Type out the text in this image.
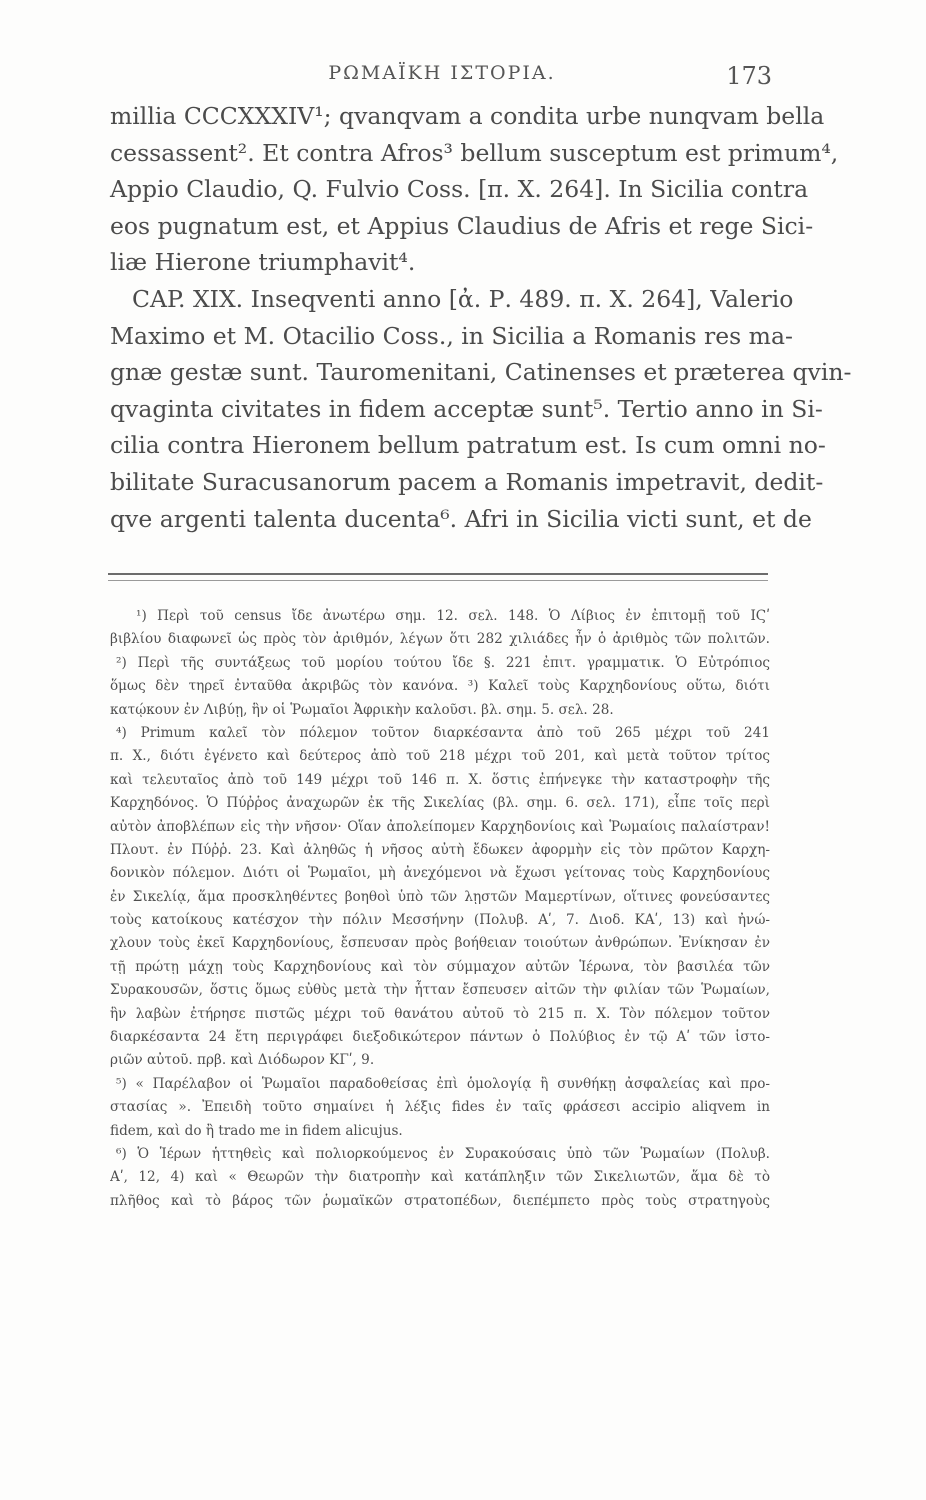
ΡΩΜΑΪΚΗ ΙΣΤΟΡΙΑ.	173
millia CCCXXXIV¹; qvanqvam a condita urbe nunqvam bella
cessassent². Et contra Afros³ bellum susceptum est primum⁴,
Appio Claudio, Q. Fulvio Coss. [π. Χ. 264]. In Sicilia contra
eos pugnatum est, et Appius Claudius de Afris et rege Sici-
liæ Hierone triumphavit⁴.
CAP. XIX. Inseqventi anno [ἀ. Ρ. 489. π. Χ. 264], Valerio
Maximo et M. Otacilio Coss., in Sicilia a Romanis res ma-
gnæ gestæ sunt. Tauromenitani, Catinenses et præterea qvin-
qvaginta civitates in fidem acceptæ sunt⁵. Tertio anno in Si-
cilia contra Hieronem bellum patratum est. Is cum omni no-
bilitate Suracusanorum pacem a Romanis impetravit, dedit-
qve argenti talenta ducenta⁶. Afri in Sicilia victi sunt, et de
¹) Περὶ τοῦ census ἴδε ἀνωτέρω σημ. 12. σελ. 148. Ὁ Λίβιος ἐν ἐπιτομῇ τοῦ ΙϚʹ
βιβλίου διαφωνεῖ ὡς πρὸς τὸν ἀριθμόν, λέγων ὅτι 282 χιλιάδες ἦν ὁ ἀριθμὸς τῶν πολιτῶν.
²) Περὶ τῆς συντάξεως τοῦ μορίου τούτου ἴδε §. 221 ἐπιτ. γραμματικ. Ὁ Εὐτρόπιος
ὅμως δὲν τηρεῖ ἐνταῦθα ἀκριβῶς τὸν κανόνα. ³) Καλεῖ τοὺς Καρχηδονίους οὕτω, διότι
κατῴκουν ἐν Λιβύῃ, ἣν οἱ Ῥωμαῖοι Ἀφρικὴν καλοῦσι. βλ. σημ. 5. σελ. 28.
⁴) Primum καλεῖ τὸν πόλεμον τοῦτον διαρκέσαντα ἀπὸ τοῦ 265 μέχρι τοῦ 241
π. Χ., διότι ἐγένετο καὶ δεύτερος ἀπὸ τοῦ 218 μέχρι τοῦ 201, καὶ μετὰ τοῦτον τρίτος
καὶ τελευταῖος ἀπὸ τοῦ 149 μέχρι τοῦ 146 π. Χ. ὅστις ἐπήνεγκε τὴν καταστροφὴν τῆς
Καρχηδόνος. Ὁ Πύῤῥος ἀναχωρῶν ἐκ τῆς Σικελίας (βλ. σημ. 6. σελ. 171), εἶπε τοῖς περὶ
αὐτὸν ἀποβλέπων εἰς τὴν νῆσον· Οἵαν ἀπολείπομεν Καρχηδονίοις καὶ Ῥωμαίοις παλαίστραν!
Πλουτ. ἐν Πύῤῥ. 23. Καὶ ἀληθῶς ἡ νῆσος αὐτὴ ἔδωκεν ἀφορμὴν εἰς τὸν πρῶτον Καρχη-
δονικὸν πόλεμον. Διότι οἱ Ῥωμαῖοι, μὴ ἀνεχόμενοι νὰ ἔχωσι γείτονας τοὺς Καρχηδονίους
ἐν Σικελίᾳ, ἅμα προσκληθέντες βοηθοὶ ὑπὸ τῶν λῃστῶν Μαμερτίνων, οἵτινες φονεύσαντες
τοὺς κατοίκους κατέσχον τὴν πόλιν Μεσσήνην (Πολυβ. Αʹ, 7. Διοδ. ΚΑʹ, 13) καὶ ἠνώ-
χλουν τοὺς ἐκεῖ Καρχηδονίους, ἔσπευσαν πρὸς βοήθειαν τοιούτων ἀνθρώπων. Ἐνίκησαν ἐν
τῇ πρώτῃ μάχῃ τοὺς Καρχηδονίους καὶ τὸν σύμμαχον αὐτῶν Ἱέρωνα, τὸν βασιλέα τῶν
Συρακουσῶν, ὅστις ὅμως εὐθὺς μετὰ τὴν ἧτταν ἔσπευσεν αἰτῶν τὴν φιλίαν τῶν Ῥωμαίων,
ἣν λαβὼν ἐτήρησε πιστῶς μέχρι τοῦ θανάτου αὐτοῦ τὸ 215 π. Χ. Τὸν πόλεμον τοῦτον
διαρκέσαντα 24 ἔτη περιγράφει διεξοδικώτερον πάντων ὁ Πολύβιος ἐν τῷ Αʹ τῶν ἱστο-
ριῶν αὐτοῦ. πρβ. καὶ Διόδωρον ΚΓʹ, 9.
⁵) « Παρέλαβον οἱ Ῥωμαῖοι παραδοθείσας ἐπὶ ὁμολογίᾳ ἢ συνθήκῃ ἀσφαλείας καὶ προ-
στασίας ». Ἐπειδὴ τοῦτο σημαίνει ἡ λέξις fides ἐν ταῖς φράσεσι accipio aliqvem in
fidem, καὶ do ἢ trado me in fidem alicujus.
⁶) Ὁ Ἱέρων ἡττηθεὶς καὶ πολιορκούμενος ἐν Συρακούσαις ὑπὸ τῶν Ῥωμαίων (Πολυβ.
Αʹ, 12, 4) καὶ « Θεωρῶν τὴν διατροπὴν καὶ κατάπληξιν τῶν Σικελιωτῶν, ἅμα δὲ τὸ
πλῆθος καὶ τὸ βάρος τῶν ῥωμαϊκῶν στρατοπέδων, διεπέμπετο πρὸς τοὺς στρατηγοὺς
